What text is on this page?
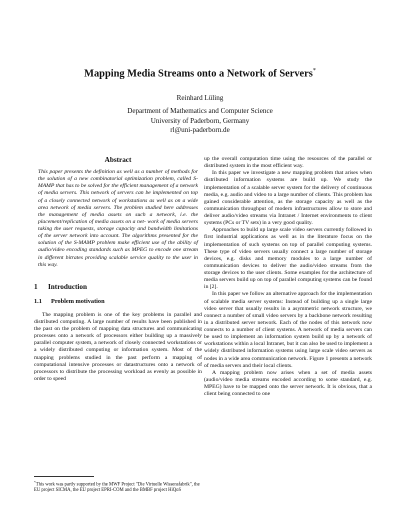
Mapping Media Streams onto a Network of Servers*
Reinhard Lüling
Department of Mathematics and Computer Science
University of Paderborn, Germany
rl@uni-paderborn.de
Abstract

This paper presents the definition as well as a number of methods for the solution of a new combinatorial optimization problem, called S-MAMP that has to be solved for the efficient management of a network of media servers. This network of servers can be implemented on top of a closely connected network of workstations as well as on a wide area network of media servers. The problem studied here addresses the management of media assets on such a network, i.e. the placement/replication of media assets on a net- work of media servers taking the user requests, storage capacity and bandwidth limitations of the server network into account. The algorithms presented for the solution of the S-MAMP problem make efficient use of the ability of audio/video encoding standards such as MPEG to encode one stream in different bitrates providing scalable service quality to the user in this way.

1 Introduction
1.1 Problem motivation

The mapping problem is one of the key problems in parallel and distributed computing. A large number of results have been published in the past on the problem of mapping data structures and communicating processes onto a network of processors either building up a massively parallel computer system, a network of closely connected workstations or a widely distributed computing or information system. Most of the mapping problems studied in the past perform a mapping of computational intensive processes or datastructures onto a network of processors to distribute the processing workload as evenly as possible in order to speed

up the overall computation time using the resources of the parallel or distributed system in the most efficient way.

In this paper we investigate a new mapping problem that arises when distributed information systems are build up. We study the implementation of a scalable server system for the delivery of continuous media, e.g. audio and video to a large number of clients. This problem has gained considerable attention, as the storage capacity as well as the communication throughput of modern infrastructures allow to store and deliver audio/video streams via Intranet / Internet environments to client systems (PCs or TV sets) in a very good quality.

Approaches to build up large scale video servers currently followed in first industrial applications as well as in the literature focus on the implementation of such systems on top of parallel computing systems. These type of video servers usually connect a large number of storage devices, e.g. disks and memory modules to a large number of communication devices to deliver the audio/video streams from the storage devices to the user clients. Some examples for the architecture of media servers build up on top of parallel computing systems can be found in [2].

In this paper we follow an alternative approach for the implementation of scalable media server systems: Instead of building up a single large video server that usually results in a asymmetric network structure, we connect a number of small video servers by a backbone network resulting in a distributed server network. Each of the nodes of this network now connects to a number of client systems. A network of media servers can be used to implement an information system build up by a network of workstations within a local Intranet, but it can also be used to implement a widely distributed information systems using large scale video servers as nodes in a wide area communication network. Figure 1 presents a network of media servers and their local clients.

A mapping problem now arises when a set of media assets (audio/video media streams encoded according to some standard, e.g. MPEG) have to be mapped onto the server network. It is obvious, that a client being connected to one

*This work was partly supported by the MWF Project "Die Virtuelle Wissensfabrik", the EU project SICMA, the EU project EPRI-COM and the BMBF project HiQoS
